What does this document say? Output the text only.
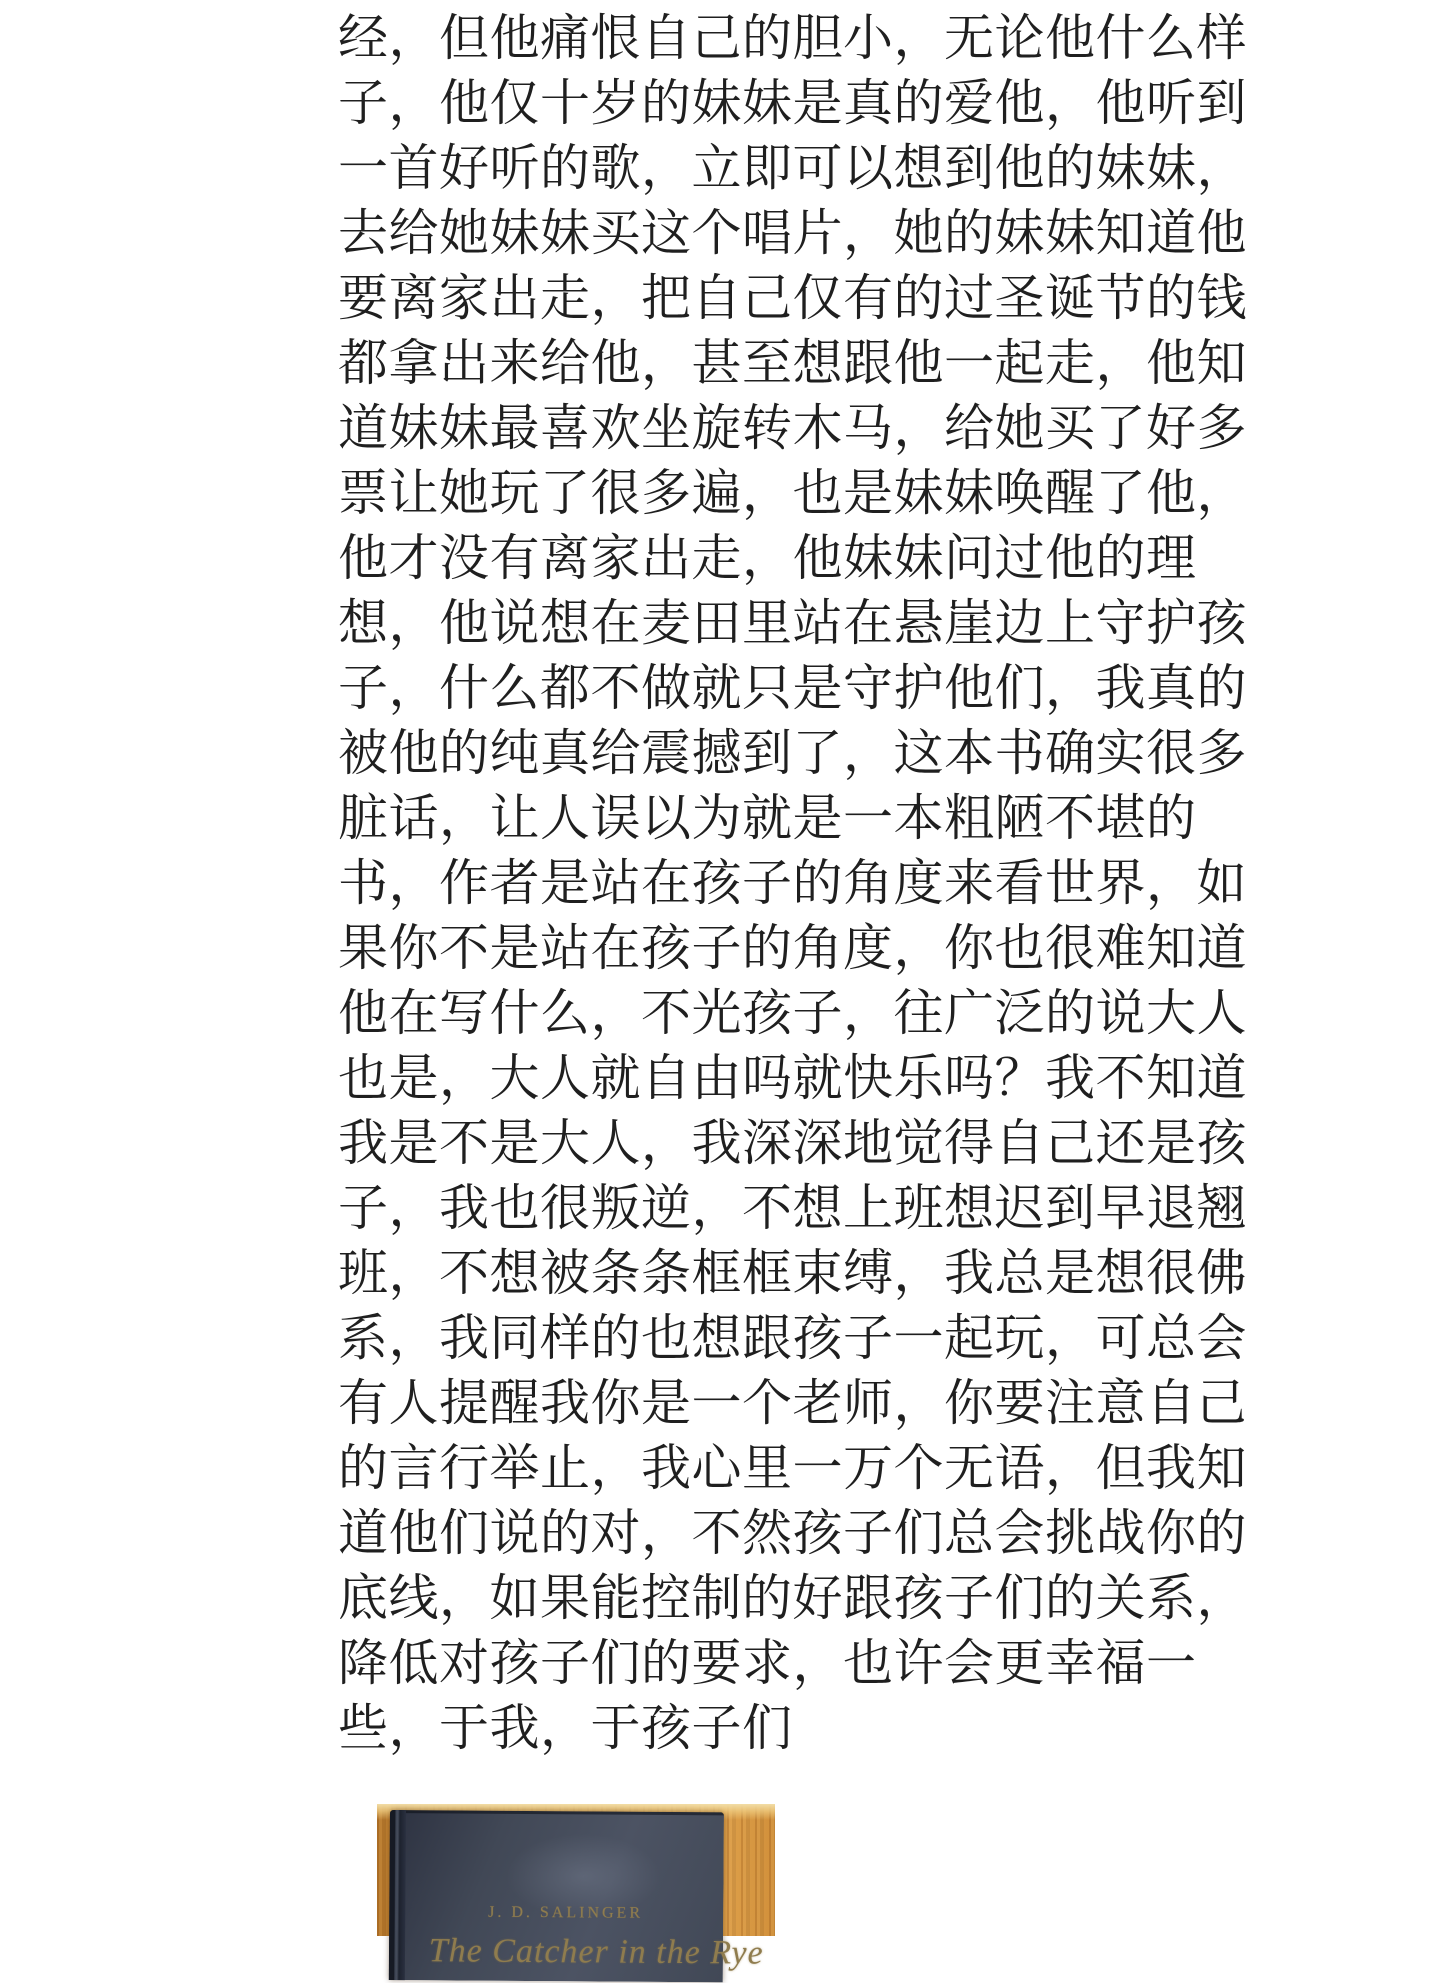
经，但他痛恨自己的胆小，无论他什么样
子，他仅十岁的妹妹是真的爱他，他听到
一首好听的歌，立即可以想到他的妹妹，
去给她妹妹买这个唱片，她的妹妹知道他
要离家出走，把自己仅有的过圣诞节的钱
都拿出来给他，甚至想跟他一起走，他知
道妹妹最喜欢坐旋转木马，给她买了好多
票让她玩了很多遍，也是妹妹唤醒了他，
他才没有离家出走，他妹妹问过他的理
想，他说想在麦田里站在悬崖边上守护孩
子，什么都不做就只是守护他们，我真的
被他的纯真给震撼到了，这本书确实很多
脏话，让人误以为就是一本粗陋不堪的
书，作者是站在孩子的角度来看世界，如
果你不是站在孩子的角度，你也很难知道
他在写什么，不光孩子，往广泛的说大人
也是，大人就自由吗就快乐吗？我不知道
我是不是大人，我深深地觉得自己还是孩
子，我也很叛逆，不想上班想迟到早退翘
班，不想被条条框框束缚，我总是想很佛
系，我同样的也想跟孩子一起玩，可总会
有人提醒我你是一个老师，你要注意自己
的言行举止，我心里一万个无语，但我知
道他们说的对，不然孩子们总会挑战你的
底线，如果能控制的好跟孩子们的关系，
降低对孩子们的要求，也许会更幸福一
些，于我，于孩子们
J. D. SALINGER
The Catcher in the Rye
